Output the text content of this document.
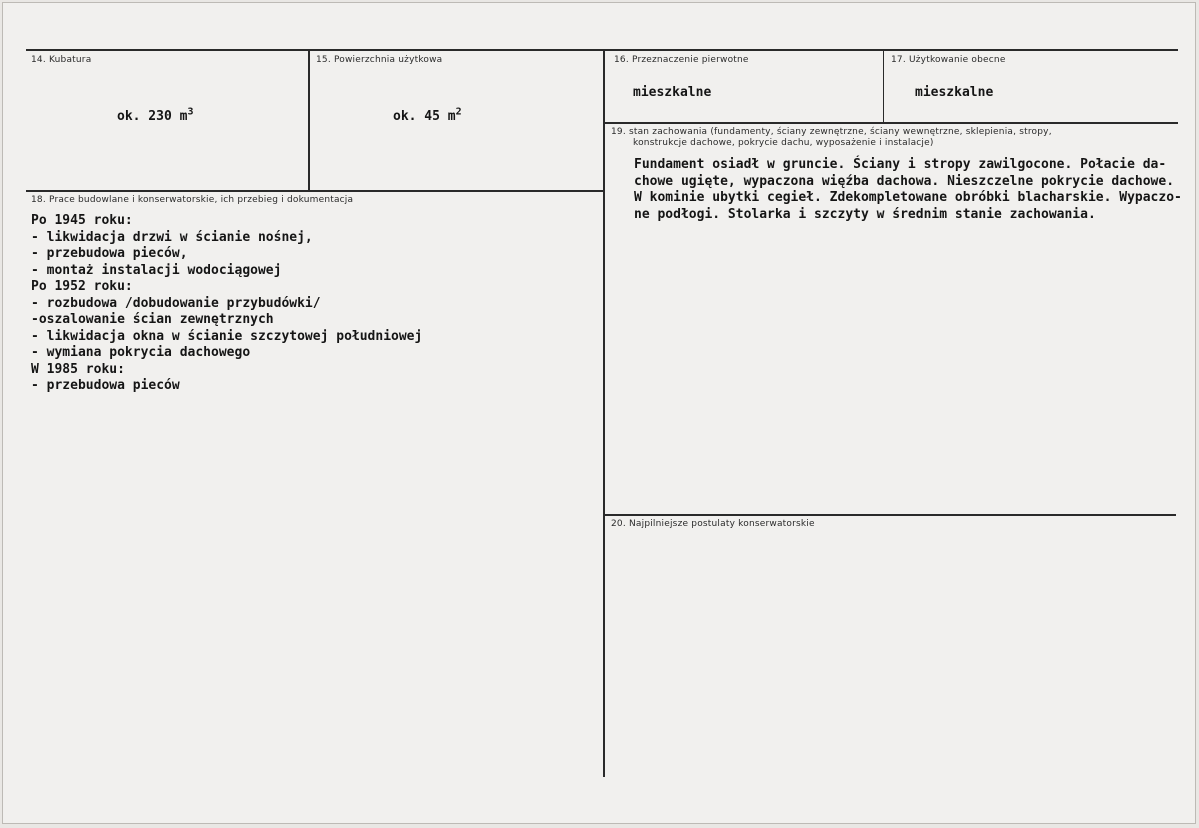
14. Kubatura
ok. 230 $m^3$
15. Powierzchnia użytkowa
ok. 45 $m^2$
16. Przeznaczenie pierwotne
mieszkalne
17. Użytkowanie obecne
mieszkalne
18. Prace budowlane i konserwatorskie, ich przebieg i dokumentacja
Po 1945 roku:
- likwidacja drzwi w ścianie nośnej,
- przebudowa pieców,
- montaż instalacji wodociągowej
Po 1952 roku:
- rozbudowa /dobudowanie przybudówki/
-oszalowanie ścian zewnętrznych
- likwidacja okna w ścianie szczytowej południowej
- wymiana pokrycia dachowego
W 1985 roku:
- przebudowa pieców
19. stan zachowania (fundamenty, ściany zewnętrzne, ściany wewnętrzne, sklepienia, stropy,
konstrukcje dachowe, pokrycie dachu, wyposażenie i instalacje)
Fundament osiadł w gruncie. Ściany i stropy zawilgocone. Połacie da-
chowe ugięte, wypaczona więźba dachowa. Nieszczelne pokrycie dachowe.
W kominie ubytki cegieł. Zdekompletowane obróbki blacharskie. Wypaczo-
ne podłogi. Stolarka i szczyty w średnim stanie zachowania.
20. Najpilniejsze postulaty konserwatorskie
